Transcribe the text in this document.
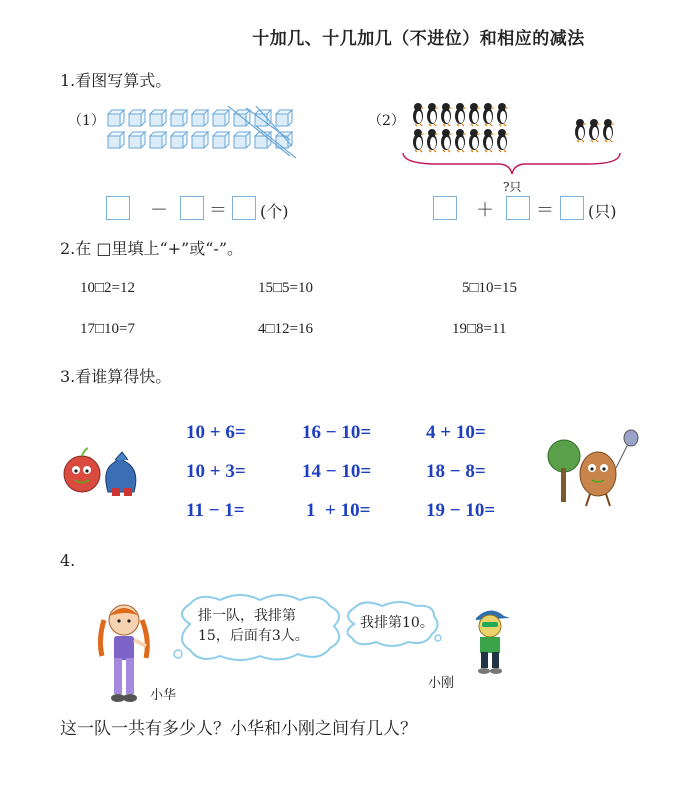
十加几、十几加几（不进位）和相应的减法
1.看图写算式。
（1）	（2）
?只
－ ＝ (个)	＋ ＝ (只)
2.在 □里填上“+”或“-”。
10□2=12	15□5=10	5□10=15
17□10=7	4□12=16	19□8=11
3.看谁算得快。
10 + 6=	16 − 10=	4 + 10=
10 + 3=	14 − 10=	18 − 8=
11 − 1=	1  + 10=	19 − 10=
4.
排一队，我排第15，后面有3人。
我排第10。
小华
小刚
这一队一共有多少人？小华和小刚之间有几人？
